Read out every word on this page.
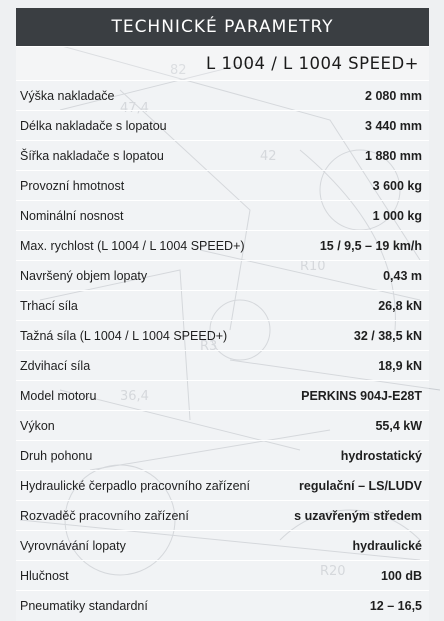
82
47,4
R10
42
R3
36,4
R20
TECHNICKÉ PARAMETRY
L 1004 / L 1004 SPEED+
Výška nakladače	2 080 mm
Délka nakladače s lopatou	3 440 mm
Šířka nakladače s lopatou	1 880 mm
Provozní hmotnost	3 600 kg
Nominální nosnost	1 000 kg
Max. rychlost (L 1004 / L 1004 SPEED+)	15 / 9,5 – 19 km/h
Navršený objem lopaty	0,43 m
Trhací síla	26,8 kN
Tažná síla (L 1004 / L 1004 SPEED+)	32 / 38,5 kN
Zdvihací síla	18,9 kN
Model motoru	PERKINS 904J-E28T
Výkon	55,4 kW
Druh pohonu	hydrostatický
Hydraulické čerpadlo pracovního zařízení	regulační – LS/LUDV
Rozvaděč pracovního zařízení	s uzavřeným středem
Vyrovnávání lopaty	hydraulické
Hlučnost	100 dB
Pneumatiky standardní	12 – 16,5
